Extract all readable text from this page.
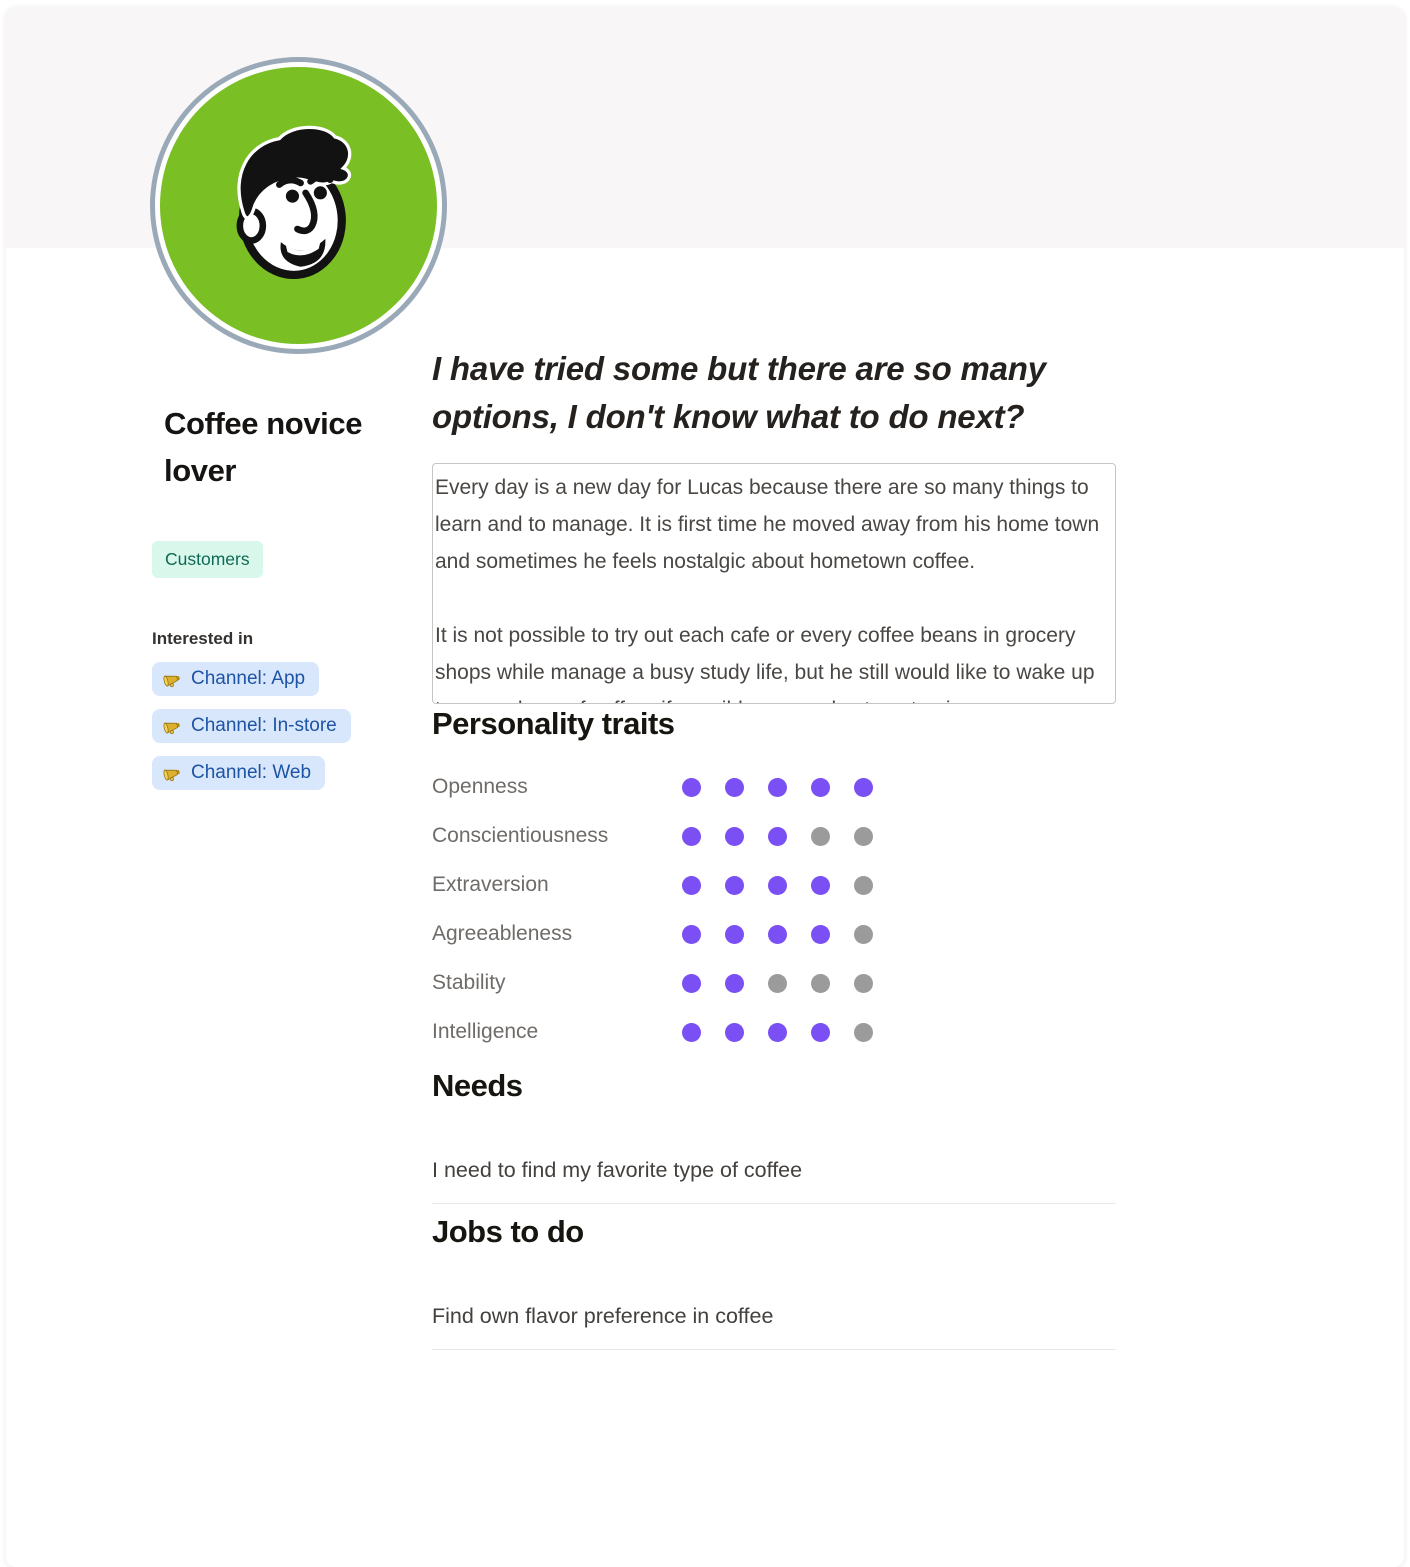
Coffee novice lover
Customers
Interested in
Channel: App
Channel: In-store
Channel: Web
I have tried some but there are so many options, I don't know what to do next?
Every day is a new day for Lucas because there are so many things to learn and to manage. It is first time he moved away from his home town and sometimes he feels nostalgic about hometown coffee. It is not possible to try out each cafe or every coffee beans in grocery shops while manage a busy study life, but he still would like to wake up to a good cup of coffee- if possible- every day to get going.
Personality traits
Openness
Conscientiousness
Extraversion
Agreeableness
Stability
Intelligence
Needs
I need to find my favorite type of coffee
Jobs to do
Find own flavor preference in coffee
